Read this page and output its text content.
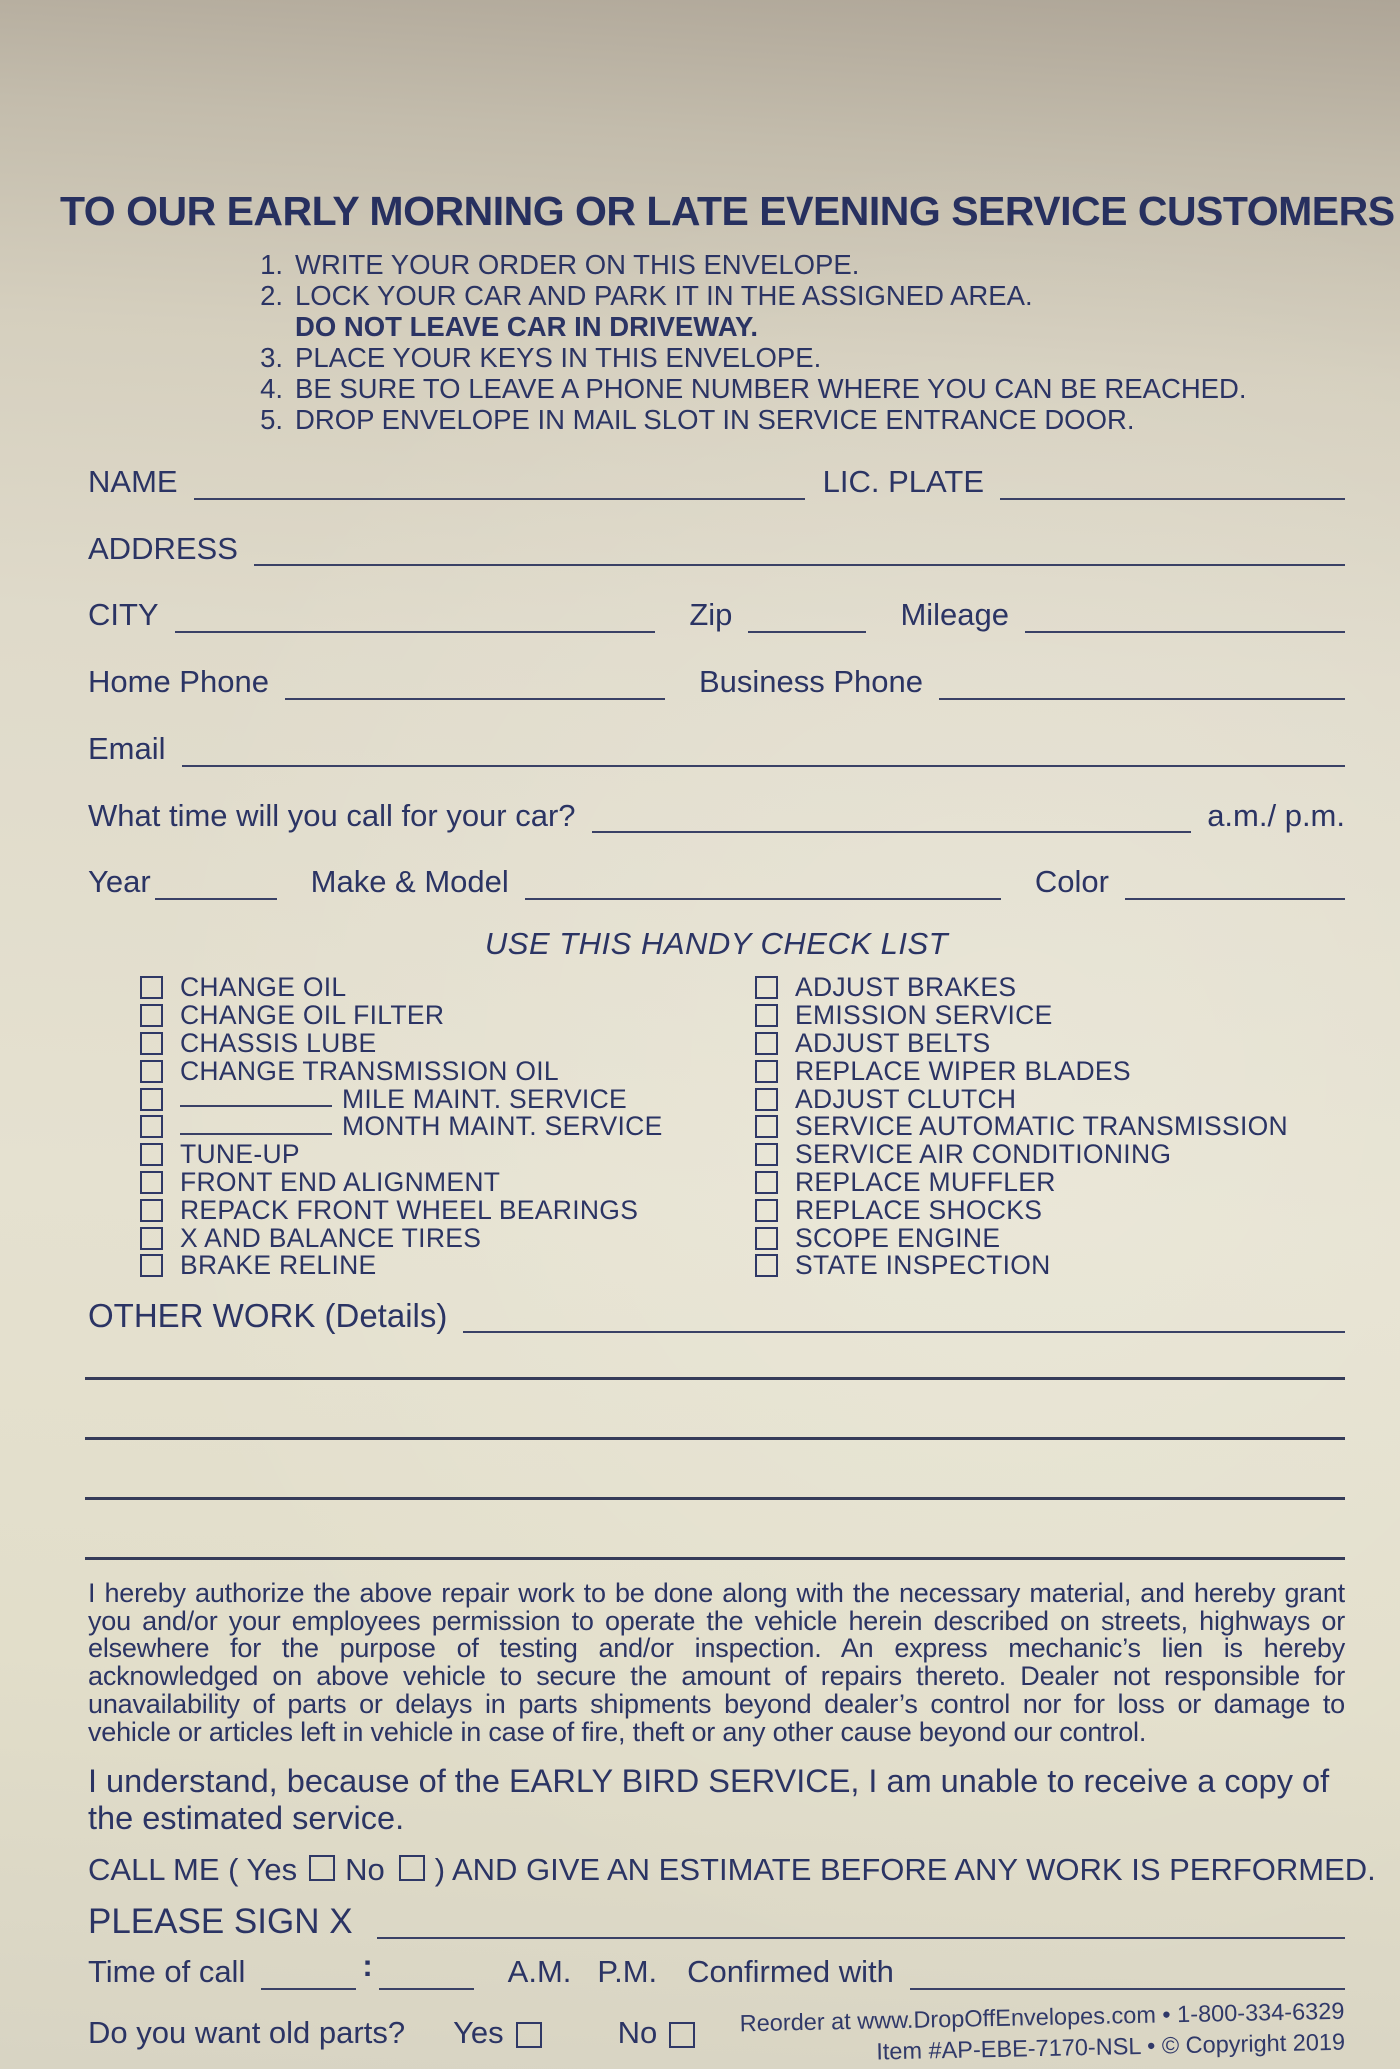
TO OUR EARLY MORNING OR LATE EVENING SERVICE CUSTOMERS
1. WRITE YOUR ORDER ON THIS ENVELOPE.
2. LOCK YOUR CAR AND PARK IT IN THE ASSIGNED AREA.
DO NOT LEAVE CAR IN DRIVEWAY.
3. PLACE YOUR KEYS IN THIS ENVELOPE.
4. BE SURE TO LEAVE A PHONE NUMBER WHERE YOU CAN BE REACHED.
5. DROP ENVELOPE IN MAIL SLOT IN SERVICE ENTRANCE DOOR.
NAME	LIC. PLATE
ADDRESS
CITY	Zip	Mileage
Home Phone	Business Phone
Email
What time will you call for your car?	a.m./ p.m.
Year	Make & Model	Color
USE THIS HANDY CHECK LIST
CHANGE OIL
CHANGE OIL FILTER
CHASSIS LUBE
CHANGE TRANSMISSION OIL
MILE MAINT. SERVICE
MONTH MAINT. SERVICE
TUNE-UP
FRONT END ALIGNMENT
REPACK FRONT WHEEL BEARINGS
X AND BALANCE TIRES
BRAKE RELINE
ADJUST BRAKES
EMISSION SERVICE
ADJUST BELTS
REPLACE WIPER BLADES
ADJUST CLUTCH
SERVICE AUTOMATIC TRANSMISSION
SERVICE AIR CONDITIONING
REPLACE MUFFLER
REPLACE SHOCKS
SCOPE ENGINE
STATE INSPECTION
OTHER WORK (Details)
I hereby authorize the above repair work to be done along with the necessary material, and hereby grant you and/or your employees permission to operate the vehicle herein described on streets, highways or elsewhere for the purpose of testing and/or inspection. An express mechanic’s lien is hereby acknowledged on above vehicle to secure the amount of repairs thereto. Dealer not responsible for unavailability of parts or delays in parts shipments beyond dealer’s control nor for loss or damage to vehicle or articles left in vehicle in case of fire, theft or any other cause beyond our control.
I understand, because of the EARLY BIRD SERVICE, I am unable to receive a copy of the estimated service.
CALL ME ( Yes No ) AND GIVE AN ESTIMATE BEFORE ANY WORK IS PERFORMED.
PLEASE SIGN X
Time of call	:	A.M. P.M. Confirmed with
Do you want old parts? Yes	No	Reorder at www.DropOffEnvelopes.com • 1-800-334-6329
Item #AP-EBE-7170-NSL • © Copyright 2019
